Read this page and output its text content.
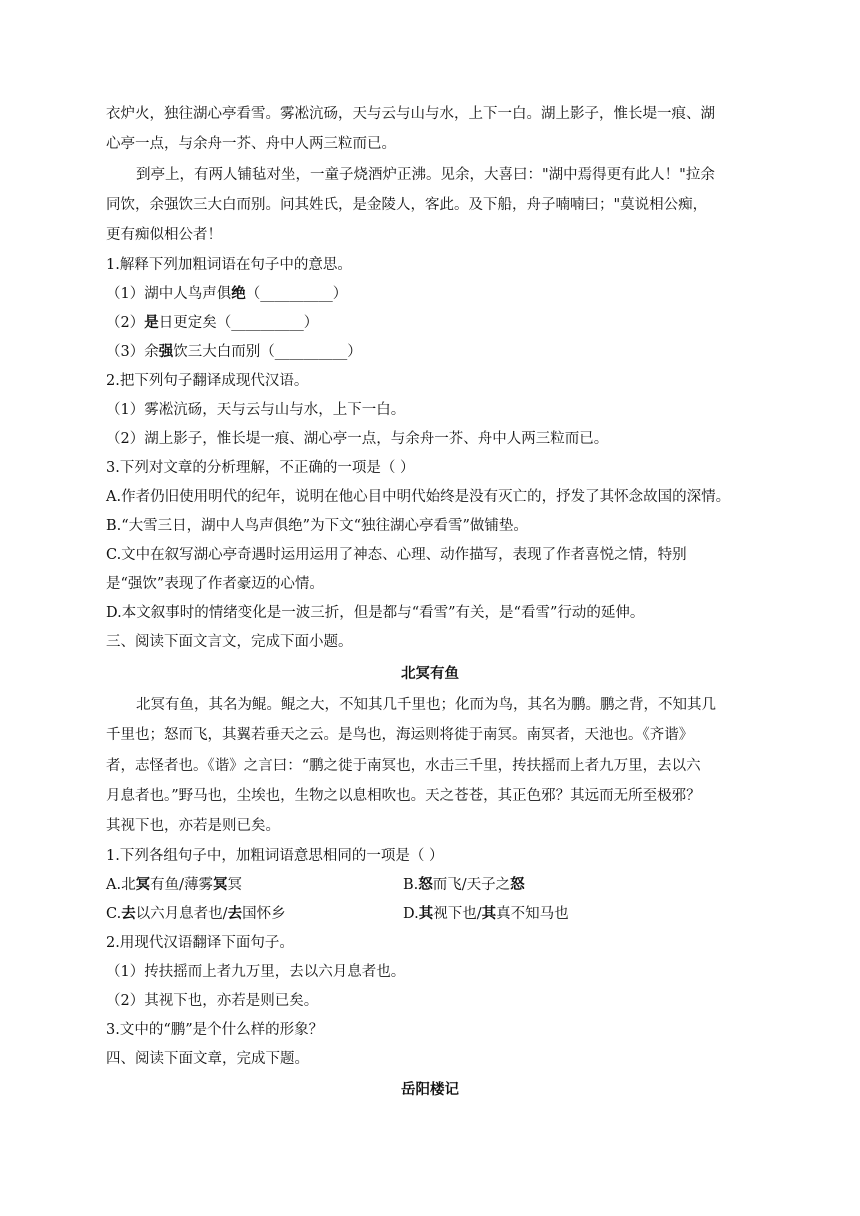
衣炉火，独往湖心亭看雪。雾凇沆砀，天与云与山与水，上下一白。湖上影子，惟长堤一痕、湖
心亭一点，与余舟一芥、舟中人两三粒而已。
到亭上，有两人铺毡对坐，一童子烧酒炉正沸。见余，大喜曰："湖中焉得更有此人！"拉余
同饮，余强饮三大白而别。问其姓氏，是金陵人，客此。及下船，舟子喃喃曰；"莫说相公痴，
更有痴似相公者！
1.解释下列加粗词语在句子中的意思。
（1）湖中人鸟声俱绝（__________）
（2）是日更定矣（__________）
（3）余强饮三大白而别（__________）
2.把下列句子翻译成现代汉语。
（1）雾凇沆砀，天与云与山与水，上下一白。
（2）湖上影子，惟长堤一痕、湖心亭一点，与余舟一芥、舟中人两三粒而已。
3.下列对文章的分析理解，不正确的一项是（ ）
A.作者仍旧使用明代的纪年，说明在他心目中明代始终是没有灭亡的，抒发了其怀念故国的深情。
B.“大雪三日，湖中人鸟声俱绝”为下文“独往湖心亭看雪”做铺垫。
C.文中在叙写湖心亭奇遇时运用运用了神态、心理、动作描写，表现了作者喜悦之情，特别
是“强饮”表现了作者豪迈的心情。
D.本文叙事时的情绪变化是一波三折，但是都与“看雪”有关，是“看雪”行动的延伸。
三、阅读下面文言文，完成下面小题。
北冥有鱼
北冥有鱼，其名为鲲。鲲之大，不知其几千里也；化而为鸟，其名为鹏。鹏之背，不知其几
千里也；怒而飞，其翼若垂天之云。是鸟也，海运则将徙于南冥。南冥者，天池也。《齐谐》
者，志怪者也。《谐》之言曰：“鹏之徙于南冥也，水击三千里，抟扶摇而上者九万里，去以六
月息者也。”野马也，尘埃也，生物之以息相吹也。天之苍苍，其正色邪？其远而无所至极邪？
其视下也，亦若是则已矣。
1.下列各组句子中，加粗词语意思相同的一项是（ ）
A.北冥有鱼/薄雾冥冥	B.怒而飞/天子之怒
C.去以六月息者也/去国怀乡	D.其视下也/其真不知马也
2.用现代汉语翻译下面句子。
（1）抟扶摇而上者九万里，去以六月息者也。
（2）其视下也，亦若是则已矣。
3.文中的“鹏”是个什么样的形象？
四、阅读下面文章，完成下题。
岳阳楼记
